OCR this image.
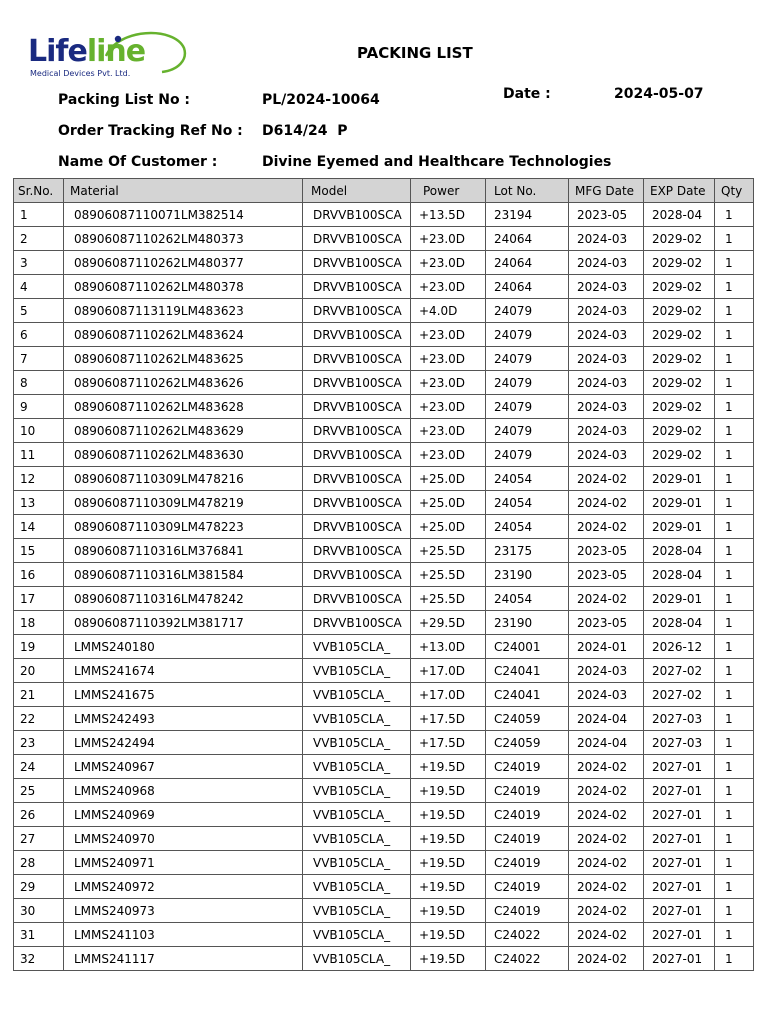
Lifeline
Medical Devices Pvt. Ltd.
PACKING LIST
Packing List No :	PL/2024-10064	Date :	2024-05-07
Order Tracking Ref No : D614/24  P
Name Of Customer :	Divine Eyemed and Healthcare Technologies
Sr.No.	Material	Model	Power	Lot No.	MFG Date	EXP Date	Qty
1	08906087110071LM382514	DRVVB100SCA	+13.5D	23194	2023-05	2028-04	1
2	08906087110262LM480373	DRVVB100SCA	+23.0D	24064	2024-03	2029-02	1
3	08906087110262LM480377	DRVVB100SCA	+23.0D	24064	2024-03	2029-02	1
4	08906087110262LM480378	DRVVB100SCA	+23.0D	24064	2024-03	2029-02	1
5	08906087113119LM483623	DRVVB100SCA	+4.0D	24079	2024-03	2029-02	1
6	08906087110262LM483624	DRVVB100SCA	+23.0D	24079	2024-03	2029-02	1
7	08906087110262LM483625	DRVVB100SCA	+23.0D	24079	2024-03	2029-02	1
8	08906087110262LM483626	DRVVB100SCA	+23.0D	24079	2024-03	2029-02	1
9	08906087110262LM483628	DRVVB100SCA	+23.0D	24079	2024-03	2029-02	1
10	08906087110262LM483629	DRVVB100SCA	+23.0D	24079	2024-03	2029-02	1
11	08906087110262LM483630	DRVVB100SCA	+23.0D	24079	2024-03	2029-02	1
12	08906087110309LM478216	DRVVB100SCA	+25.0D	24054	2024-02	2029-01	1
13	08906087110309LM478219	DRVVB100SCA	+25.0D	24054	2024-02	2029-01	1
14	08906087110309LM478223	DRVVB100SCA	+25.0D	24054	2024-02	2029-01	1
15	08906087110316LM376841	DRVVB100SCA	+25.5D	23175	2023-05	2028-04	1
16	08906087110316LM381584	DRVVB100SCA	+25.5D	23190	2023-05	2028-04	1
17	08906087110316LM478242	DRVVB100SCA	+25.5D	24054	2024-02	2029-01	1
18	08906087110392LM381717	DRVVB100SCA	+29.5D	23190	2023-05	2028-04	1
19	LMMS240180	VVB105CLA_	+13.0D	C24001	2024-01	2026-12	1
20	LMMS241674	VVB105CLA_	+17.0D	C24041	2024-03	2027-02	1
21	LMMS241675	VVB105CLA_	+17.0D	C24041	2024-03	2027-02	1
22	LMMS242493	VVB105CLA_	+17.5D	C24059	2024-04	2027-03	1
23	LMMS242494	VVB105CLA_	+17.5D	C24059	2024-04	2027-03	1
24	LMMS240967	VVB105CLA_	+19.5D	C24019	2024-02	2027-01	1
25	LMMS240968	VVB105CLA_	+19.5D	C24019	2024-02	2027-01	1
26	LMMS240969	VVB105CLA_	+19.5D	C24019	2024-02	2027-01	1
27	LMMS240970	VVB105CLA_	+19.5D	C24019	2024-02	2027-01	1
28	LMMS240971	VVB105CLA_	+19.5D	C24019	2024-02	2027-01	1
29	LMMS240972	VVB105CLA_	+19.5D	C24019	2024-02	2027-01	1
30	LMMS240973	VVB105CLA_	+19.5D	C24019	2024-02	2027-01	1
31	LMMS241103	VVB105CLA_	+19.5D	C24022	2024-02	2027-01	1
32	LMMS241117	VVB105CLA_	+19.5D	C24022	2024-02	2027-01	1
